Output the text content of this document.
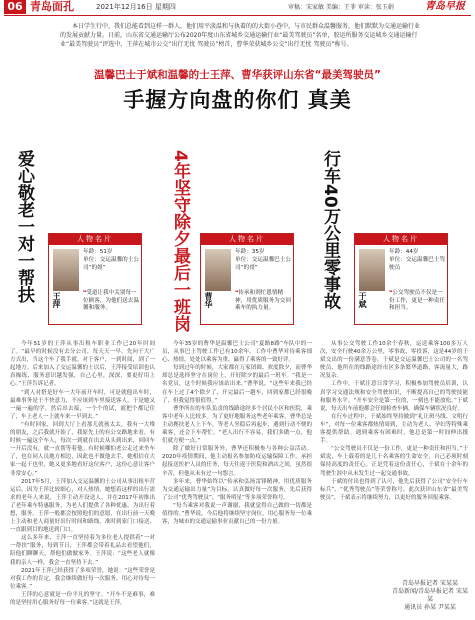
06 青岛面孔	2021年12月16日 星期四	审稿：宋家敏 美编：王菲 审读：张玉娟	青岛早报

本日学生行中，我们总能看到这样一群人，他们用平淡温和与执着的的大街小巷中，与市民群众温馨服务，他们默默为交通运输行业的发展贡献力量。日前，山东省交通运输厅公布2020年度山东省城乡交通运输行业“最美驾驶员”名单，胶运所服务交运城乡交通运输行业“最美驾驶员”评选中，王萍在城市公交“出行无忧 驾驶员”榜首，曹华荣获城乡公交“出行无忧 驾驶员”称号。

温馨巴士于斌和温馨的士王萍、曹华获评山东省“最美驾驶员”
手握方向盘的你们 真美
爱心敬老一对一帮扶	人物名片
王萍
年龄：51岁
单位：交运温馨的士公司“的姐”
❝受道让我中关别每一位顾客，为他们送去温馨和服务。

今年51岁的王萍从事出租车职业工作已20年时间了。“最早的时候没有去分公司，每天天一早，先向于大广方式出，当这个车了我手就。对于客户，一到时间，到了一起地方。后来加入了交运温馨的士以后，王萍接受培训也认真操练，服务意识越发强，自己心里，深深，要更好用上心。”王萍告诉记者。

“到人对搭是好车一大年前开车时，可是就他出车时，最难事务是于不快意力，不应该到车里接送客人，于是她又一遍一遍的学，然后出去接，一个个的试，就把个都记住了，车上老人一上就车来一早到去。”

“有时回家，回到大厅上看那儿就孩太太，我有一大堆的朋友，之后我就开始了，我原先上的有公交路地来看。有时候一遍这个车人，每次一到就在出去从头到出来，回回车一开后没有，就一直帮等着他。有时候哪怕老公走过来坐车了，也在同人员地方相边，因此也不做他去手，她相信在大家一起干也里，她又更多地看好这位客户，这份心意让客户非常安心。”

2017年5月，王萍加入交运温馨的士公司从事出租车营运后，因为王萍比较细心，对人热情，她想着这样的出行需求的老年人来说，王萍主动开设送人，并在2017年初推出了老年乘车特惠服务，为老人们提供了各种优惠，为出行着想，服务。王萍一般都会按照他们的意愿，在出行前一天晚上主动和老人商量好出行时间和路线，准时到家门口接送，一直跟到目的地送到门口。

这么多年来，王萍一直坚持着为多位老人提供着“一对一帮扶”服务，每到节日，王萍都会带着礼品去看望他们，陪他们聊聊天，帮他们做做家务。王萍说：“这些老人就像我的亲人一样，我会一直坚持下去。”

2021年王萍已经获得了多项荣誉，她说：“这些荣誉是对我工作的肯定，我会继续做好每一次服务，用心对待每一位乘客。”

王萍的心意就是一份平凡的坚守。“开车不是难事，难的是坚持用心服务好每一位乘客。”这就是王萍。

4年坚守除夕最后一班岗	人物名片
曹华
年龄：35岁
单位：交运温馨巴士公司“的哥”
❝传承和剂忙恩情精神，用优质服务为交回乘车的执力量。

今年35岁的曹华是温馨巴士公司“夏路8路”车队中的一员，从事巴士驾驶工作已有10余年。工作中曹华对待乘客细心、热情，处处以乘客为重，赢得了乘客的一致好评。

每到过年的时候，大家都在万家团圆、欢度除夕，而曹华却总是选择坚守在岗位上，开好除夕的最后一班车。“我是一名党员，这个时候我应该站出来。”曹华说，“这些年来我已经在车上过了4个除夕了，开完最后一趟车，回到家都已经很晚了，但我觉得很值得。”

曹华所在的车队负责的线路途经多个居民小区和医院，乘客中老年人比较多。为了更好地服务这些老年乘客，曹华总是主动搀扶老人上下车，等老人坐稳后再起步，遇到行动不便的乘客，还会下车帮忙。“老人出行不容易，我们多做一点，他们就方便一点。”

除了做好日常服务外，曹华还积极参与各种公益活动。2020年疫情期间，他主动报名参加防疫运输保障工作，承担起接送医护人员的任务，每天往返于医院和酒店之间，虽然很辛苦，但他从未有过一句怨言。

多年来，曹华始终以“传承和弘扬雷锋精神，用优质服务为交通运输出力量”为目标，认真做好每一次服务，先后获得了公司“优秀驾驶员”、“服务明星”等多项荣誉称号。

“每当乘客对我说一声谢谢，我就觉得自己做的一切都是值得的。”曹华说，今后他将继续坚守岗位，用心服务每一位乘客，为城市的交通运输事业贡献自己的一份力量。

行车40万公里零事故	人物名片
于斌
年龄：44岁
单位：交运温馨巴士驾驶员
❝公交驾驶员不仅是一份工作，更是一种责任和担当。

从事公交驾驶工作10余个春秋，运送乘客100多万人次，安全行驶40余万公里，零事故、零投诉，这是44岁的于斌交出的一份满意答卷。于斌是交运温馨巴士公司的一名驾驶员，他所在的线路途经市区多条繁华道路，客流量大，路况复杂。

工作中，于斌注意日常学习，积极参加驾驶员培训，认真学习交通法规和安全驾驶知识，不断提高自己的驾驶技能和服务水平。“开车安全是第一位的，一刻也不能放松。”于斌说，每天出车前他都会仔细检查车辆，确保车辆状况良好。

在行车过程中，于斌始终坚持做到“礼让斑马线、文明行车”，对每一位乘客都热情周到，主动为老人、孕妇等特殊乘客提供帮助。遇到乘客有困难时，他总是第一时间伸出援手。

“公交驾驶员不仅是一份工作，更是一种责任和担当。”于斌说，车上载着的是几十名乘客的生命安全，自己必须时刻保持高度的责任心。正是凭着这份责任心，于斌在十余年的驾驶生涯中从未发生过一起交通事故。

于斌的付出也得到了认可，他先后获得了公司“安全行车标兵”、“优秀驾驶员”等荣誉称号。此次获评山东省“最美驾驶员”，于斌表示将继续努力，以更好的服务回报乘客。

青岛早报记者 宋某某
青岛新闻/青岛早报记者 宋某某
通讯员 孙某 尹某某
